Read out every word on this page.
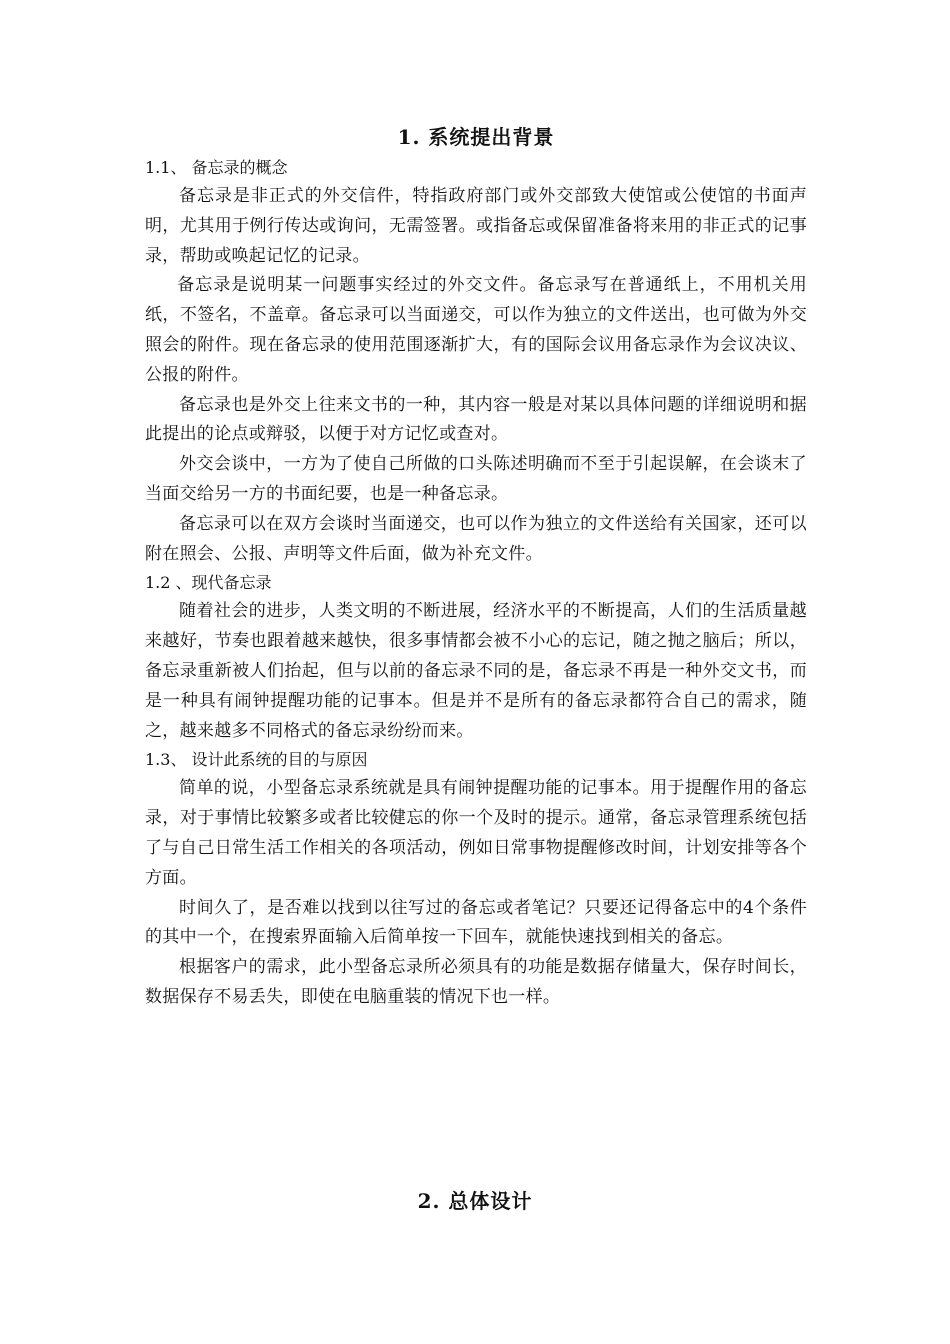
1. 系统提出背景
1.1、 备忘录的概念

备忘录是非正式的外交信件，特指政府部门或外交部致大使馆或公使馆的书面声明，尤其用于例行传达或询问，无需签署。或指备忘或保留准备将来用的非正式的记事录，帮助或唤起记忆的记录。

备忘录是说明某一问题事实经过的外交文件。备忘录写在普通纸上，不用机关用纸，不签名，不盖章。备忘录可以当面递交，可以作为独立的文件送出，也可做为外交照会的附件。现在备忘录的使用范围逐渐扩大，有的国际会议用备忘录作为会议决议、公报的附件。

备忘录也是外交上往来文书的一种，其内容一般是对某以具体问题的详细说明和据此提出的论点或辩驳，以便于对方记忆或查对。

外交会谈中，一方为了使自己所做的口头陈述明确而不至于引起误解，在会谈末了当面交给另一方的书面纪要，也是一种备忘录。

备忘录可以在双方会谈时当面递交，也可以作为独立的文件送给有关国家，还可以附在照会、公报、声明等文件后面，做为补充文件。

1.2 、现代备忘录

随着社会的进步，人类文明的不断进展，经济水平的不断提高，人们的生活质量越来越好，节奏也跟着越来越快，很多事情都会被不小心的忘记，随之抛之脑后；所以，备忘录重新被人们抬起，但与以前的备忘录不同的是，备忘录不再是一种外交文书，而是一种具有闹钟提醒功能的记事本。但是并不是所有的备忘录都符合自己的需求，随之，越来越多不同格式的备忘录纷纷而来。

1.3、 设计此系统的目的与原因

简单的说，小型备忘录系统就是具有闹钟提醒功能的记事本。用于提醒作用的备忘录，对于事情比较繁多或者比较健忘的你一个及时的提示。通常，备忘录管理系统包括了与自己日常生活工作相关的各项活动，例如日常事物提醒修改时间，计划安排等各个方面。

时间久了，是否难以找到以往写过的备忘或者笔记？只要还记得备忘中的4个条件的其中一个，在搜索界面输入后简单按一下回车，就能快速找到相关的备忘。

根据客户的需求，此小型备忘录所必须具有的功能是数据存储量大，保存时间长，数据保存不易丢失，即使在电脑重装的情况下也一样。

2. 总体设计
